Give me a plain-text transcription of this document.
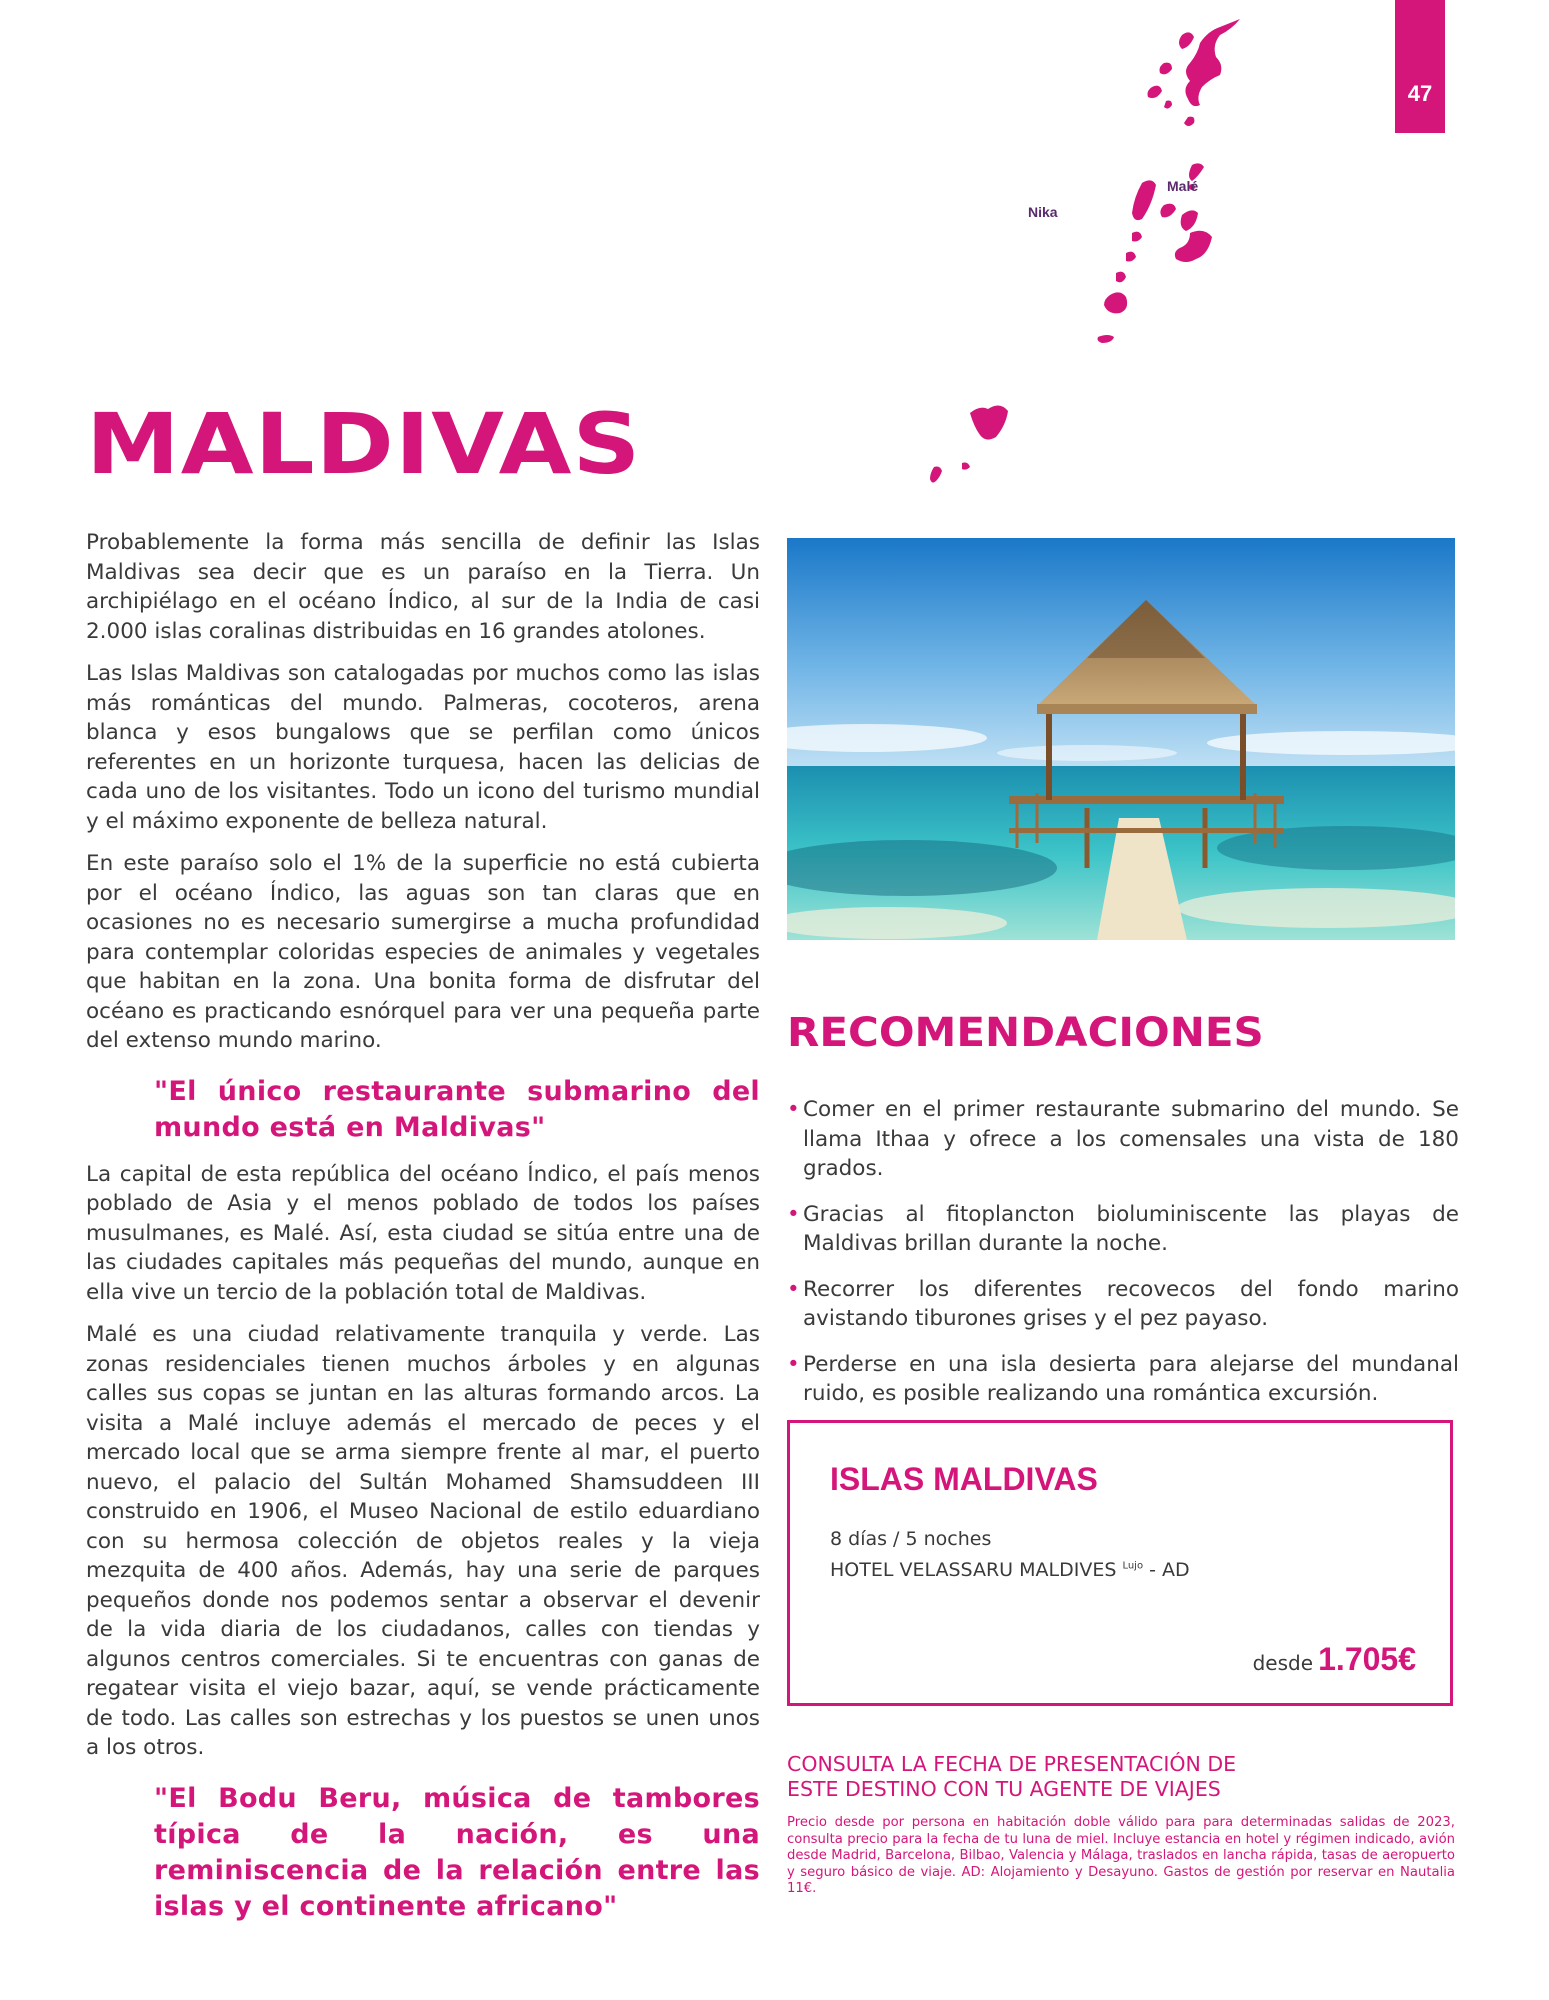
47
Nika
Malé
MALDIVAS

Probablemente la forma más sencilla de definir las Islas Maldivas sea decir que es un paraíso en la Tierra. Un archipiélago en el océano Índico, al sur de la India de casi 2.000 islas coralinas distribuidas en 16 grandes atolones.

Las Islas Maldivas son catalogadas por muchos como las islas más románticas del mundo. Palmeras, cocoteros, arena blanca y esos bungalows que se perfilan como únicos referentes en un horizonte turquesa, hacen las delicias de cada uno de los visitantes. Todo un icono del turismo mundial y el máximo exponente de belleza natural.

En este paraíso solo el 1% de la superficie no está cubierta por el océano Índico, las aguas son tan claras que en ocasiones no es necesario sumergirse a mucha profundidad para contemplar coloridas especies de animales y vegetales que habitan en la zona. Una bonita forma de disfrutar del océano es practicando esnórquel para ver una pequeña parte del extenso mundo marino.

"El único restaurante submarino del mundo está en Maldivas"

La capital de esta república del océano Índico, el país menos poblado de Asia y el menos poblado de todos los países musulmanes, es Malé. Así, esta ciudad se sitúa entre una de las ciudades capitales más pequeñas del mundo, aunque en ella vive un tercio de la población total de Maldivas.

Malé es una ciudad relativamente tranquila y verde. Las zonas residenciales tienen muchos árboles y en algunas calles sus copas se juntan en las alturas formando arcos. La visita a Malé incluye además el mercado de peces y el mercado local que se arma siempre frente al mar, el puerto nuevo, el palacio del Sultán Mohamed Shamsuddeen III construido en 1906, el Museo Nacional de estilo eduardiano con su hermosa colección de objetos reales y la vieja mezquita de 400 años. Además, hay una serie de parques pequeños donde nos podemos sentar a observar el devenir de la vida diaria de los ciudadanos, calles con tiendas y algunos centros comerciales. Si te encuentras con ganas de regatear visita el viejo bazar, aquí, se vende prácticamente de todo. Las calles son estrechas y los puestos se unen unos a los otros.

"El Bodu Beru, música de tambores típica de la nación, es una reminiscencia de la relación entre las islas y el continente africano"
RECOMENDACIONES
• Comer en el primer restaurante submarino del mundo. Se llama Ithaa y ofrece a los comensales una vista de 180 grados.
• Gracias al fitoplancton bioluminiscente las playas de Maldivas brillan durante la noche.
• Recorrer los diferentes recovecos del fondo marino avistando tiburones grises y el pez payaso.
• Perderse en una isla desierta para alejarse del mundanal ruido, es posible realizando una romántica excursión.
ISLAS MALDIVAS
8 días / 5 noches
HOTEL VELASSARU MALDIVES $^{Lujo}$ - AD
desde 1.705€
CONSULTA LA FECHA DE PRESENTACIÓN DE
ESTE DESTINO CON TU AGENTE DE VIAJES
Precio desde por persona en habitación doble válido para para determinadas salidas de 2023, consulta precio para la fecha de tu luna de miel. Incluye estancia en hotel y régimen indicado, avión desde Madrid, Barcelona, Bilbao, Valencia y Málaga, traslados en lancha rápida, tasas de aeropuerto y seguro básico de viaje. AD: Alojamiento y Desayuno. Gastos de gestión por reservar en Nautalia 11€.
